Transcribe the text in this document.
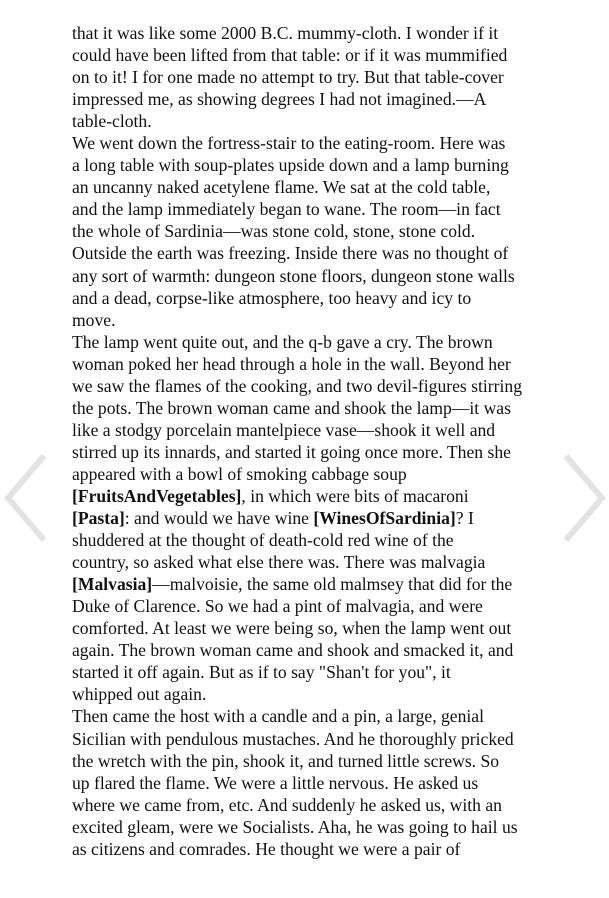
that it was like some 2000 B.C. mummy-cloth. I wonder if it
could have been lifted from that table: or if it was mummified
on to it! I for one made no attempt to try. But that table-cover
impressed me, as showing degrees I had not imagined.—A
table-cloth.
We went down the fortress-stair to the eating-room. Here was
a long table with soup-plates upside down and a lamp burning
an uncanny naked acetylene flame. We sat at the cold table,
and the lamp immediately began to wane. The room—in fact
the whole of Sardinia—was stone cold, stone, stone cold.
Outside the earth was freezing. Inside there was no thought of
any sort of warmth: dungeon stone floors, dungeon stone walls
and a dead, corpse-like atmosphere, too heavy and icy to
move.
The lamp went quite out, and the q-b gave a cry. The brown
woman poked her head through a hole in the wall. Beyond her
we saw the flames of the cooking, and two devil-figures stirring
the pots. The brown woman came and shook the lamp—it was
like a stodgy porcelain mantelpiece vase—shook it well and
stirred up its innards, and started it going once more. Then she
appeared with a bowl of smoking cabbage soup
[FruitsAndVegetables], in which were bits of macaroni
[Pasta]: and would we have wine [WinesOfSardinia]? I
shuddered at the thought of death-cold red wine of the
country, so asked what else there was. There was malvagia
[Malvasia]—malvoisie, the same old malmsey that did for the
Duke of Clarence. So we had a pint of malvagia, and were
comforted. At least we were being so, when the lamp went out
again. The brown woman came and shook and smacked it, and
started it off again. But as if to say "Shan't for you", it
whipped out again.
Then came the host with a candle and a pin, a large, genial
Sicilian with pendulous mustaches. And he thoroughly pricked
the wretch with the pin, shook it, and turned little screws. So
up flared the flame. We were a little nervous. He asked us
where we came from, etc. And suddenly he asked us, with an
excited gleam, were we Socialists. Aha, he was going to hail us
as citizens and comrades. He thought we were a pair of
